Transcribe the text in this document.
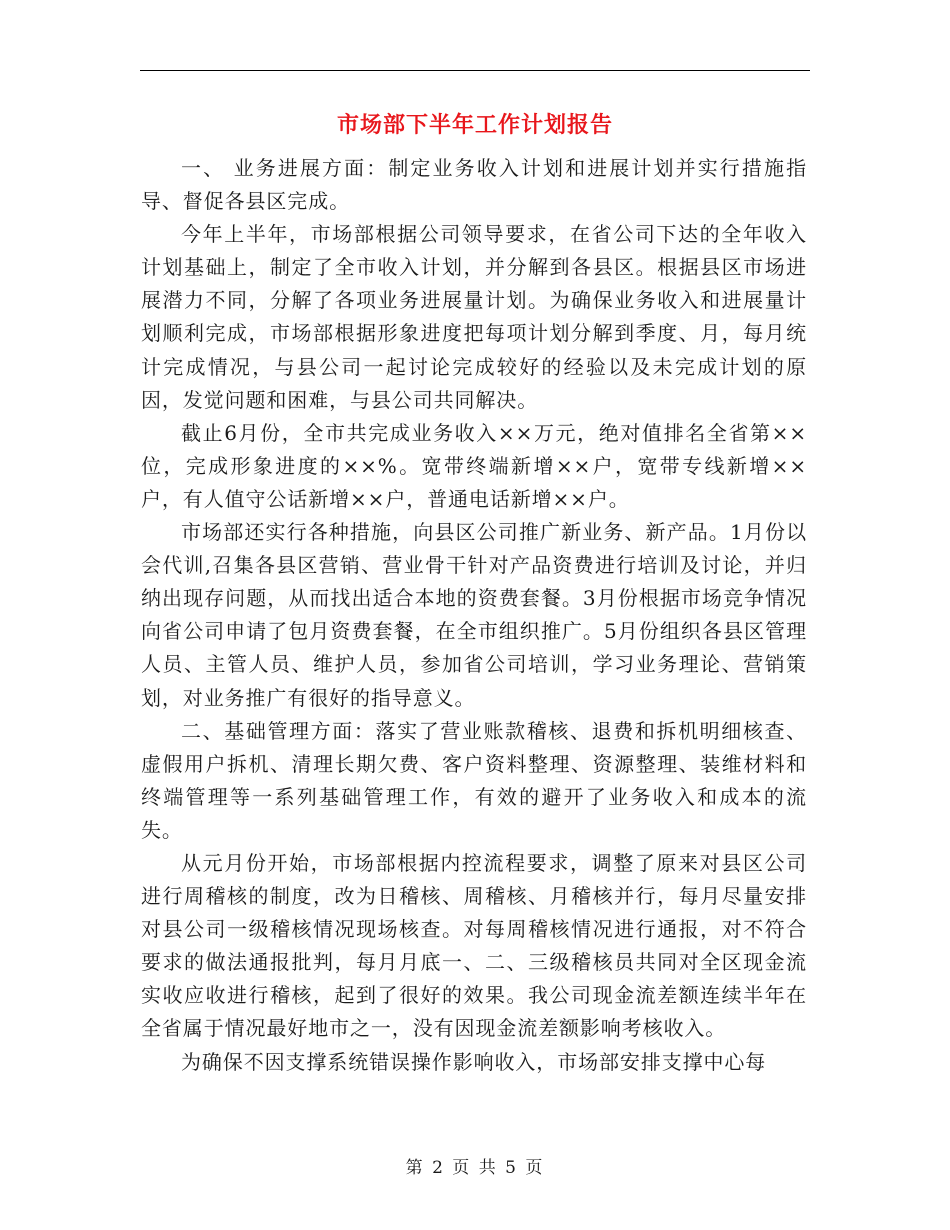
市场部下半年工作计划报告

一、 业务进展方面：制定业务收入计划和进展计划并实行措施指导、督促各县区完成。

今年上半年，市场部根据公司领导要求，在省公司下达的全年收入计划基础上，制定了全市收入计划，并分解到各县区。根据县区市场进展潜力不同，分解了各项业务进展量计划。为确保业务收入和进展量计划顺利完成，市场部根据形象进度把每项计划分解到季度、月，每月统计完成情况，与县公司一起讨论完成较好的经验以及未完成计划的原因，发觉问题和困难，与县公司共同解决。

截止6月份，全市共完成业务收入××万元，绝对值排名全省第××位，完成形象进度的××%。宽带终端新增××户，宽带专线新增××户，有人值守公话新增××户，普通电话新增××户。

市场部还实行各种措施，向县区公司推广新业务、新产品。1月份以会代训,召集各县区营销、营业骨干针对产品资费进行培训及讨论，并归纳出现存问题，从而找出适合本地的资费套餐。3月份根据市场竞争情况向省公司申请了包月资费套餐，在全市组织推广。5月份组织各县区管理人员、主管人员、维护人员，参加省公司培训，学习业务理论、营销策划，对业务推广有很好的指导意义。

二、基础管理方面：落实了营业账款稽核、退费和拆机明细核查、虚假用户拆机、清理长期欠费、客户资料整理、资源整理、装维材料和终端管理等一系列基础管理工作，有效的避开了业务收入和成本的流失。

从元月份开始，市场部根据内控流程要求，调整了原来对县区公司进行周稽核的制度，改为日稽核、周稽核、月稽核并行，每月尽量安排对县公司一级稽核情况现场核查。对每周稽核情况进行通报，对不符合要求的做法通报批判，每月月底一、二、三级稽核员共同对全区现金流实收应收进行稽核，起到了很好的效果。我公司现金流差额连续半年在全省属于情况最好地市之一，没有因现金流差额影响考核收入。

为确保不因支撑系统错误操作影响收入，市场部安排支撑中心每

第 2 页 共 5 页
